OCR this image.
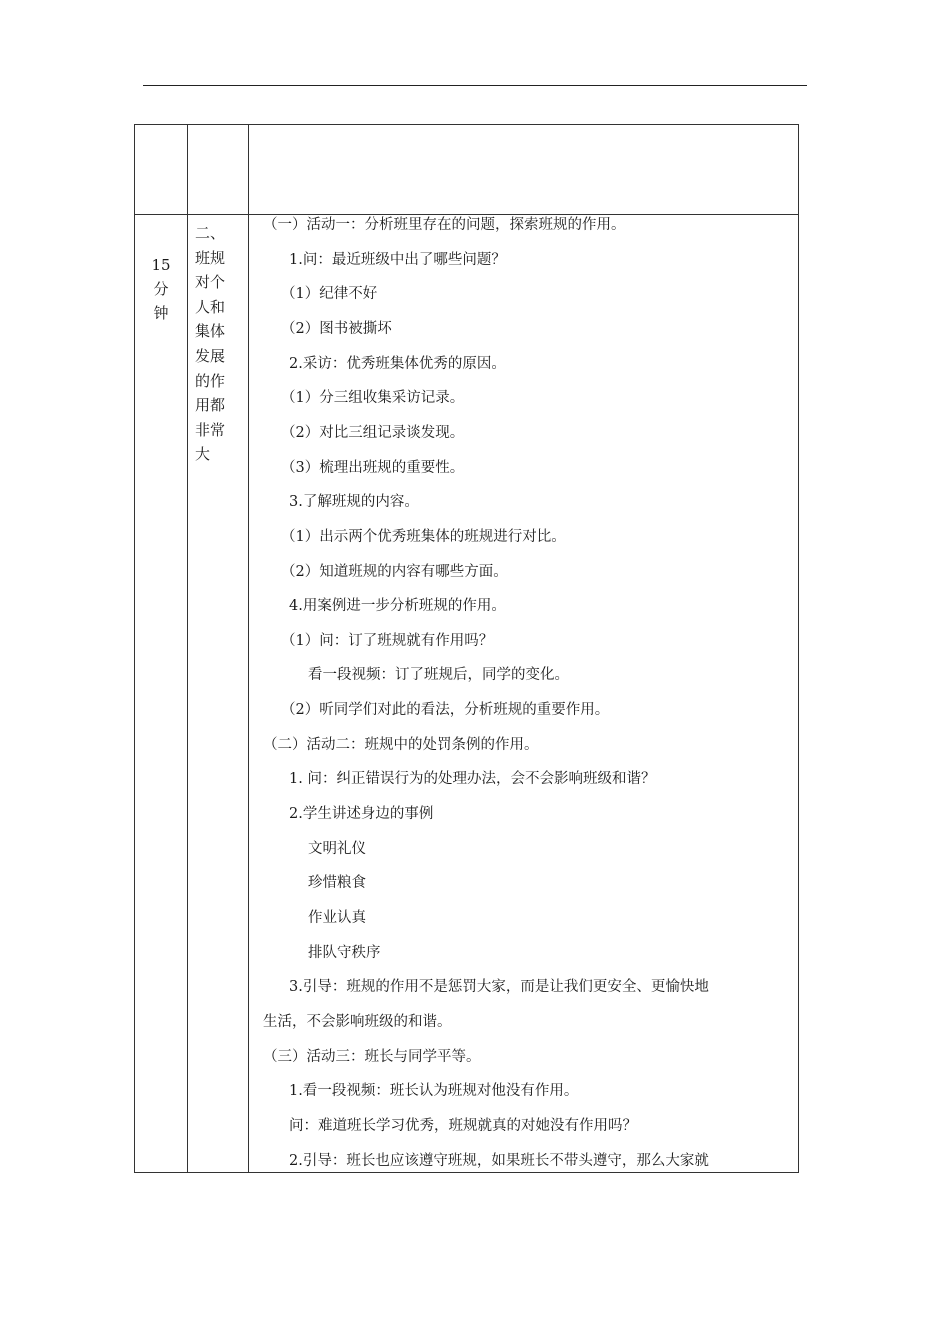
15
分
钟
二、
班规
对个
人和
集体
发展
的作
用都
非常
大
（一）活动一：分析班里存在的问题，探索班规的作用。
1.问：最近班级中出了哪些问题？
（1）纪律不好
（2）图书被撕坏
2.采访：优秀班集体优秀的原因。
（1）分三组收集采访记录。
（2）对比三组记录谈发现。
（3）梳理出班规的重要性。
3.了解班规的内容。
（1）出示两个优秀班集体的班规进行对比。
（2）知道班规的内容有哪些方面。
4.用案例进一步分析班规的作用。
（1）问：订了班规就有作用吗？
看一段视频：订了班规后，同学的变化。
（2）听同学们对此的看法，分析班规的重要作用。
（二）活动二：班规中的处罚条例的作用。
1. 问：纠正错误行为的处理办法，会不会影响班级和谐？
2.学生讲述身边的事例
文明礼仪
珍惜粮食
作业认真
排队守秩序
3.引导：班规的作用不是惩罚大家，而是让我们更安全、更愉快地
生活，不会影响班级的和谐。
（三）活动三：班长与同学平等。
1.看一段视频：班长认为班规对他没有作用。
问：难道班长学习优秀，班规就真的对她没有作用吗？
2.引导：班长也应该遵守班规，如果班长不带头遵守，那么大家就
